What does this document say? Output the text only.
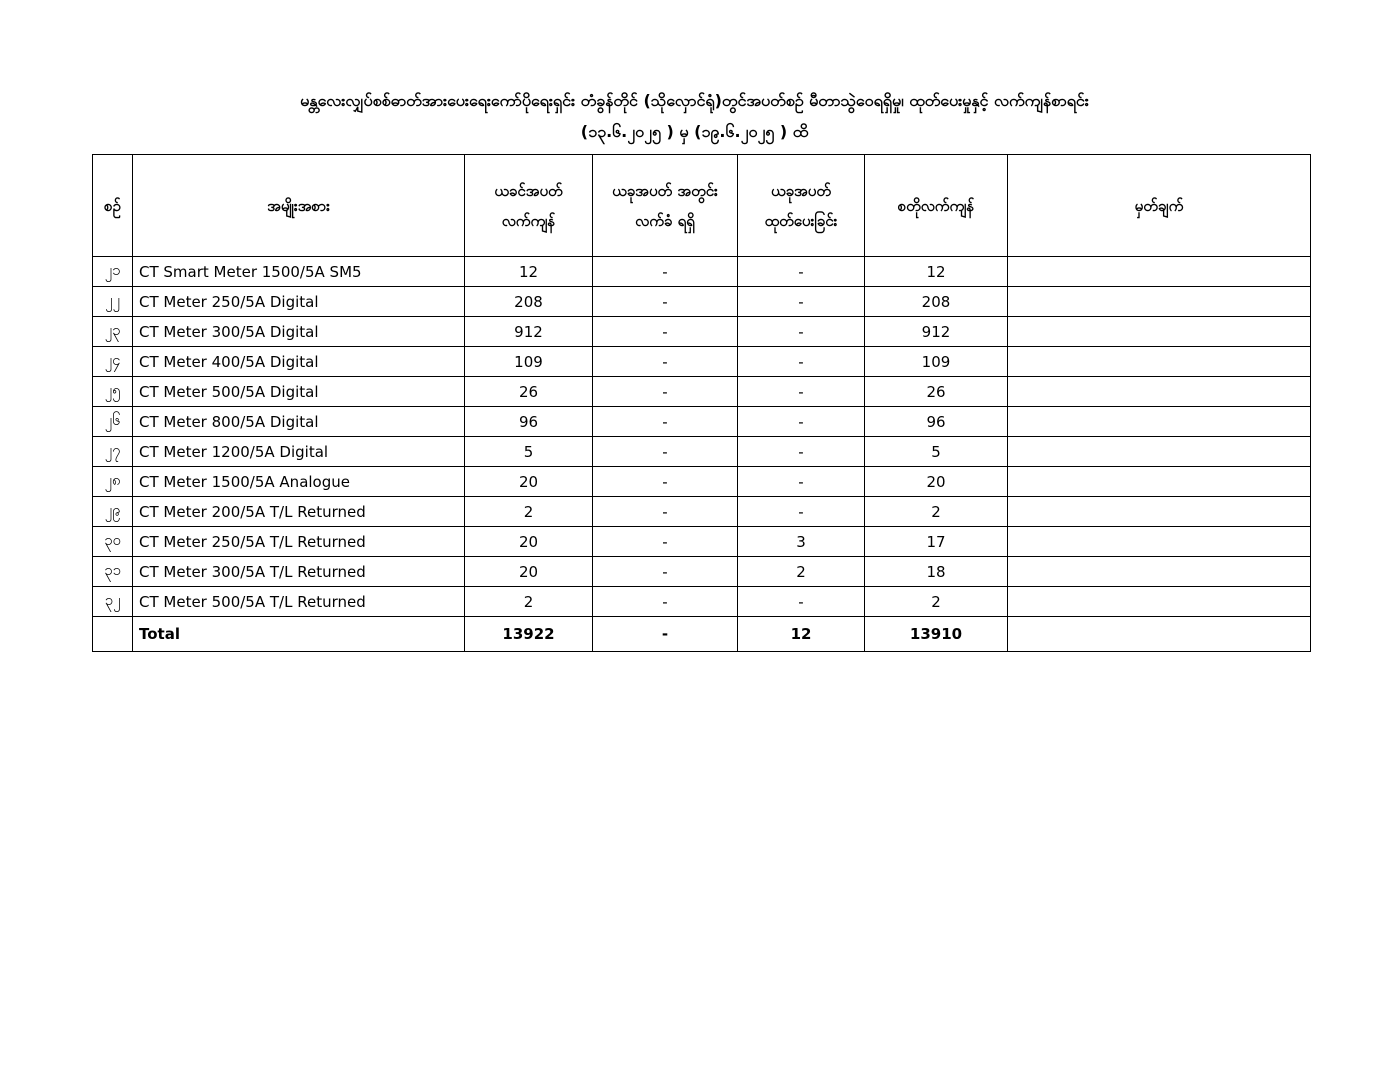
မန္တလေးလျှပ်စစ်ဓာတ်အားပေးရေးကော်ပိုရေးရှင်း တံခွန်တိုင် (သိုလှောင်ရုံ)တွင်အပတ်စဉ် မီတာသွဲဝေရရှိမှု၊ ထုတ်ပေးမှုနှင့် လက်ကျန်စာရင်း
(၁၃.၆.၂၀၂၅ ) မှ (၁၉.၆.၂၀၂၅ ) ထိ
စဉ်	အမျိုးအစား	ယခင်အပတ် လက်ကျန်	ယခုအပတ် အတွင်းလက်ခံ ရရှိ	ယခုအပတ် ထုတ်ပေးခြင်း	စတိုလက်ကျန်	မှတ်ချက်
၂၁	CT Smart Meter 1500/5A SM5	12	-	-	12	
၂၂	CT Meter 250/5A Digital	208	-	-	208	
၂၃	CT Meter 300/5A Digital	912	-	-	912	
၂၄	CT Meter 400/5A Digital	109	-	-	109	
၂၅	CT Meter 500/5A Digital	26	-	-	26	
၂၆	CT Meter 800/5A Digital	96	-	-	96	
၂၇	CT Meter 1200/5A Digital	5	-	-	5	
၂၈	CT Meter 1500/5A Analogue	20	-	-	20	
၂၉	CT Meter 200/5A T/L Returned	2	-	-	2	
၃၀	CT Meter 250/5A T/L Returned	20	-	3	17	
၃၁	CT Meter 300/5A T/L Returned	20	-	2	18	
၃၂	CT Meter 500/5A T/L Returned	2	-	-	2	
	Total	13922	-	12	13910	
